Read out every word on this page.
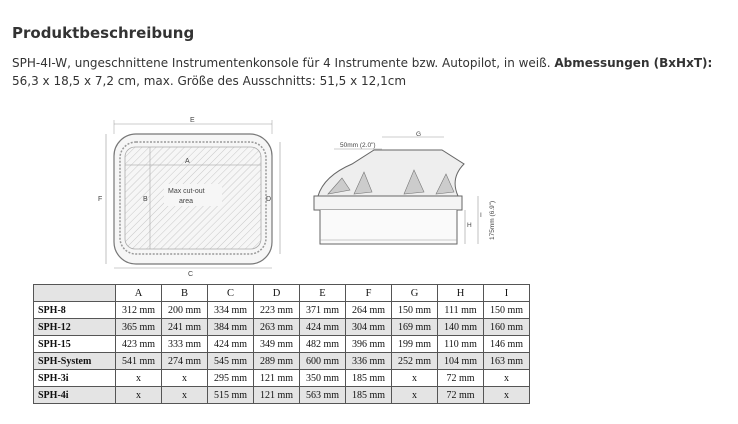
Produktbeschreibung
SPH-4I-W, ungeschnittene Instrumentenkonsole für 4 Instrumente bzw. Autopilot, in weiß. Abmessungen (BxHxT): 56,3 x 18,5 x 7,2 cm, max. Größe des Ausschnitts: 51,5 x 12,1cm
E
F
A
B
Max cut-out
area	D
C
G
50mm (2.0")
H
I 175mm (6.9")
	A	B	C	D	E	F	G	H	I
SPH-8	312 mm	200 mm	334 mm	223 mm	371 mm	264 mm	150 mm	111 mm	150 mm
SPH-12	365 mm	241 mm	384 mm	263 mm	424 mm	304 mm	169 mm	140 mm	160 mm
SPH-15	423 mm	333 mm	424 mm	349 mm	482 mm	396 mm	199 mm	110 mm	146 mm
SPH-System	541 mm	274 mm	545 mm	289 mm	600 mm	336 mm	252 mm	104 mm	163 mm
SPH-3i	x	x	295 mm	121 mm	350 mm	185 mm	x	72 mm	x
SPH-4i	x	x	515 mm	121 mm	563 mm	185 mm	x	72 mm	x
